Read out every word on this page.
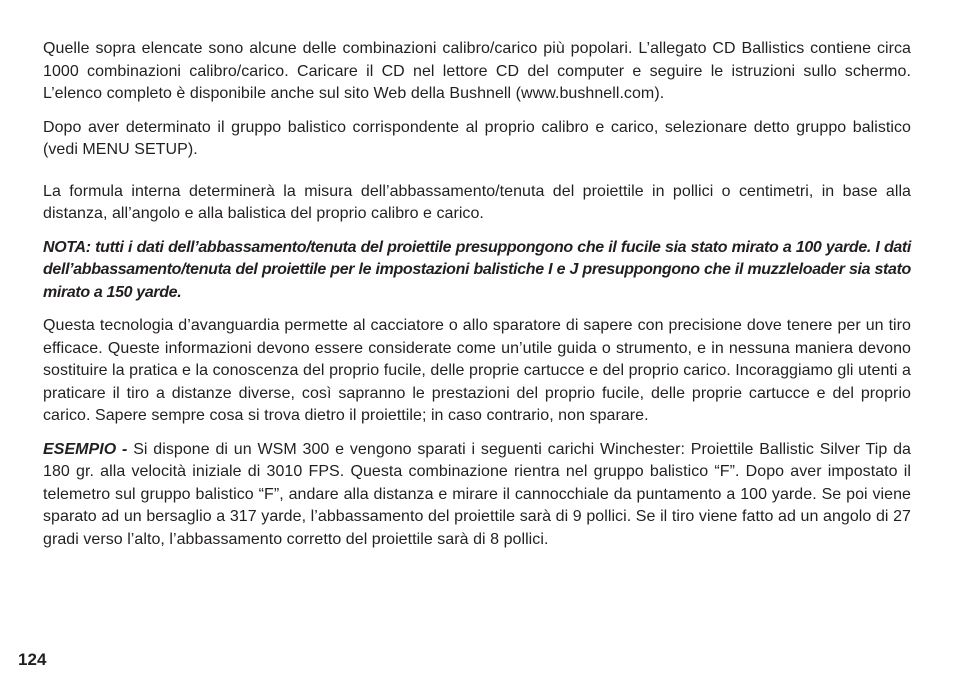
Quelle sopra elencate sono alcune delle combinazioni calibro/carico più popolari. L’allegato CD Ballistics contiene circa 1000 combinazioni calibro/carico. Caricare il CD nel lettore CD del computer e seguire le istruzioni sullo schermo. L’elenco completo è disponibile anche sul sito Web della Bushnell (www.bushnell.com).

Dopo aver determinato il gruppo balistico corrispondente al proprio calibro e carico, selezionare detto gruppo balistico (vedi MENU SETUP).

La formula interna determinerà la misura dell’abbassamento/tenuta del proiettile in pollici o centimetri, in base alla distanza, all’angolo e alla balistica del proprio calibro e carico.

NOTA: tutti i dati dell’abbassamento/tenuta del proiettile presuppongono che il fucile sia stato mirato a 100 yarde. I dati dell’abbassamento/tenuta del proiettile per le impostazioni balistiche I e J presuppongono che il muzzleloader sia stato mirato a 150 yarde.

Questa tecnologia d’avanguardia permette al cacciatore o allo sparatore di sapere con precisione dove tenere per un tiro efficace. Queste informazioni devono essere considerate come un’utile guida o strumento, e in nessuna maniera devono sostituire la pratica e la conoscenza del proprio fucile, delle proprie cartucce e del proprio carico. Incoraggiamo gli utenti a praticare il tiro a distanze diverse, così sapranno le prestazioni del proprio fucile, delle proprie cartucce e del proprio carico. Sapere sempre cosa si trova dietro il proiettile; in caso contrario, non sparare.

ESEMPIO - Si dispone di un WSM 300 e vengono sparati i seguenti carichi Winchester: Proiettile Ballistic Silver Tip da 180 gr. alla velocità iniziale di 3010 FPS. Questa combinazione rientra nel gruppo balistico “F”. Dopo aver impostato il telemetro sul gruppo balistico “F”, andare alla distanza e mirare il cannocchiale da puntamento a 100 yarde. Se poi viene sparato ad un bersaglio a 317 yarde, l’abbassamento del proiettile sarà di 9 pollici. Se il tiro viene fatto ad un angolo di 27 gradi verso l’alto, l’abbassamento corretto del proiettile sarà di 8 pollici.

124
